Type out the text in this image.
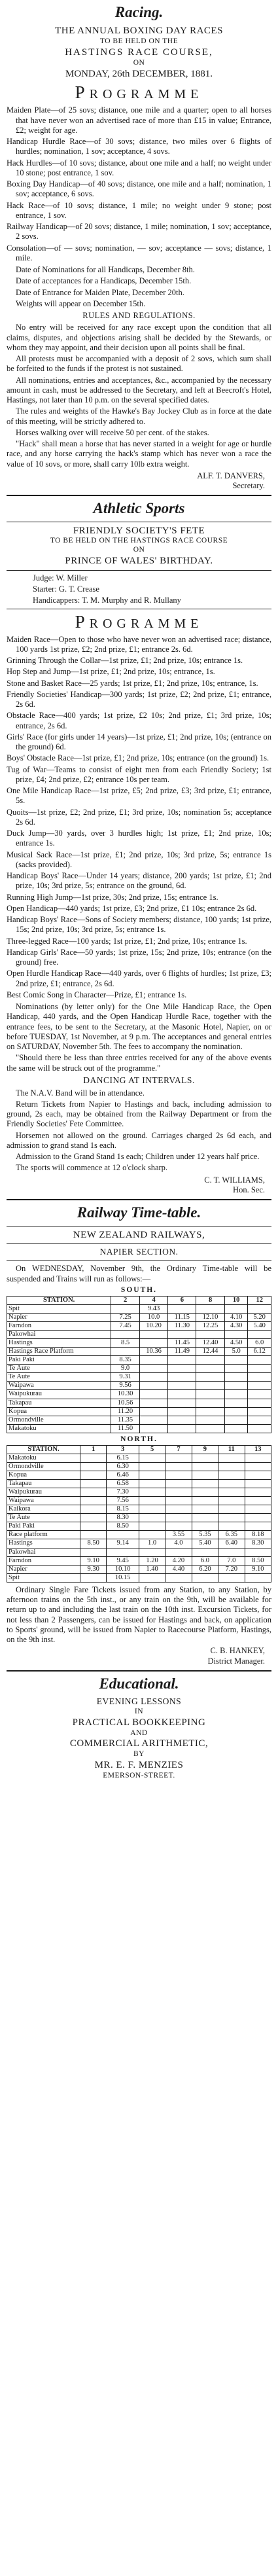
Racing.
THE ANNUAL BOXING DAY RACES
TO BE HELD ON THE
HASTINGS RACE COURSE,
ON
MONDAY, 26th DECEMBER, 1881.
PROGRAMME

Maiden Plate—of 25 sovs; distance, one mile and a quarter; open to all horses that have never won an advertised race of more than £15 in value; Entrance, £2; weight for age.

Handicap Hurdle Race—of 30 sovs; distance, two miles over 6 flights of hurdles; nomination, 1 sov; acceptance, 4 sovs.

Hack Hurdles—of 10 sovs; distance, about one mile and a half; no weight under 10 stone; post entrance, 1 sov.

Boxing Day Handicap—of 40 sovs; distance, one mile and a half; nomination, 1 sov; acceptance, 6 sovs.

Hack Race—of 10 sovs; distance, 1 mile; no weight under 9 stone; post entrance, 1 sov.

Railway Handicap—of 20 sovs; distance, 1 mile; nomination, 1 sov; acceptance, 2 sovs.

Consolation—of — sovs; nomination, — sov; acceptance — sovs; distance, 1 mile.

Date of Nominations for all Handicaps, December 8th.

Date of acceptances for a Handicaps, December 15th.

Date of Entrance for Maiden Plate, December 20th.

Weights will appear on December 15th.

RULES AND REGULATIONS.

No entry will be received for any race except upon the condition that all claims, disputes, and objections arising shall be decided by the Stewards, or whom they may appoint, and their decision upon all points shall be final.

All protests must be accompanied with a deposit of 2 sovs, which sum shall be forfeited to the funds if the protest is not sustained.

All nominations, entries and acceptances, &c., accompanied by the necessary amount in cash, must be addressed to the Secretary, and left at Beecroft's Hotel, Hastings, not later than 10 p.m. on the several specified dates.

The rules and weights of the Hawke's Bay Jockey Club as in force at the date of this meeting, will be strictly adhered to.

Horses walking over will receive 50 per cent. of the stakes.

"Hack" shall mean a horse that has never started in a weight for age or hurdle race, and any horse carrying the hack's stamp which has never won a race the value of 10 sovs, or more, shall carry 10lb extra weight.

ALF. T. DANVERS,
Secretary.
Athletic Sports
FRIENDLY SOCIETY'S FETE
TO BE HELD ON THE HASTINGS RACE COURSE
ON
PRINCE OF WALES' BIRTHDAY.

Judge: W. Miller

Starter: G. T. Crease

Handicappers: T. M. Murphy and R. Mullany

PROGRAMME

Maiden Race—Open to those who have never won an advertised race; distance, 100 yards 1st prize, £2; 2nd prize, £1; entrance 2s. 6d.

Grinning Through the Collar—1st prize, £1; 2nd prize, 10s; entrance 1s.

Hop Step and Jump—1st prize, £1; 2nd prize, 10s; entrance, 1s.

Stone and Basket Race—25 yards; 1st prize, £1; 2nd prize, 10s; entrance, 1s.

Friendly Societies' Handicap—300 yards; 1st prize, £2; 2nd prize, £1; entrance, 2s 6d.

Obstacle Race—400 yards; 1st prize, £2 10s; 2nd prize, £1; 3rd prize, 10s; entrance, 2s 6d.

Girls' Race (for girls under 14 years)—1st prize, £1; 2nd prize, 10s; (entrance on the ground) 6d.

Boys' Obstacle Race—1st prize, £1; 2nd prize, 10s; entrance (on the ground) 1s.

Tug of War—Teams to consist of eight men from each Friendly Society; 1st prize, £4; 2nd prize, £2; entrance 10s per team.

One Mile Handicap Race—1st prize, £5; 2nd prize, £3; 3rd prize, £1; entrance, 5s.

Quoits—1st prize, £2; 2nd prize, £1; 3rd prize, 10s; nomination 5s; acceptance 2s 6d.

Duck Jump—30 yards, over 3 hurdles high; 1st prize, £1; 2nd prize, 10s; entrance 1s.

Musical Sack Race—1st prize, £1; 2nd prize, 10s; 3rd prize, 5s; entrance 1s (sacks provided).

Handicap Boys' Race—Under 14 years; distance, 200 yards; 1st prize, £1; 2nd prize, 10s; 3rd prize, 5s; entrance on the ground, 6d.

Running High Jump—1st prize, 30s; 2nd prize, 15s; entrance 1s.

Open Handicap—440 yards; 1st prize, £3; 2nd prize, £1 10s; entrance 2s 6d.

Handicap Boys' Race—Sons of Society members; distance, 100 yards; 1st prize, 15s; 2nd prize, 10s; 3rd prize, 5s; entrance 1s.

Three-legged Race—100 yards; 1st prize, £1; 2nd prize, 10s; entrance 1s.

Handicap Girls' Race—50 yards; 1st prize, 15s; 2nd prize, 10s; entrance (on the ground) free.

Open Hurdle Handicap Race—440 yards, over 6 flights of hurdles; 1st prize, £3; 2nd prize, £1; entrance, 2s 6d.

Best Comic Song in Character—Prize, £1; entrance 1s.

Nominations (by letter only) for the One Mile Handicap Race, the Open Handicap, 440 yards, and the Open Handicap Hurdle Race, together with the entrance fees, to be sent to the Secretary, at the Masonic Hotel, Napier, on or before TUESDAY, 1st November, at 9 p.m. The acceptances and general entries on SATURDAY, November 5th. The fees to accompany the nomination.

"Should there be less than three entries received for any of the above events the same will be struck out of the programme."

DANCING AT INTERVALS.

The N.A.V. Band will be in attendance.

Return Tickets from Napier to Hastings and back, including admission to ground, 2s each, may be obtained from the Railway Department or from the Friendly Societies' Fete Committee.

Horsemen not allowed on the ground. Carriages charged 2s 6d each, and admission to grand stand 1s each.

Admission to the Grand Stand 1s each; Children under 12 years half price.

The sports will commence at 12 o'clock sharp.

C. T. WILLIAMS,
Hon. Sec.
Railway Time-table.
NEW ZEALAND RAILWAYS,
NAPIER SECTION.

On WEDNESDAY, November 9th, the Ordinary Time-table will be suspended and Trains will run as follows:—

SOUTH.
STATION.	2	4	6	8	10	12
Spit		9.43				
Napier	7.25	10.0	11.15	12.10	4.10	5.20
Farndon	7.45	10.20	11.30	12.25	4.30	5.40
Pakowhai						
Hastings	8.5		11.45	12.40	4.50	6.0
Hastings Race Platform		10.36	11.49	12.44	5.0	6.12
Paki Paki	8.35					
Te Aute	9.0					
Te Aute	9.31					
Waipawa	9.56					
Waipukurau	10.30					
Takapau	10.56					
Kopua	11.20					
Ormondville	11.35					
Makatoku	11.50					
NORTH.
STATION.	1	3	5	7	9	11	13
Makatoku		6.15					
Ormondville		6.30					
Kopua		6.46					
Takapau		6.58					
Waipukurau		7.30					
Waipawa		7.56					
Kaikora		8.15					
Te Aute		8.30					
Paki Paki		8.50					
Race platform				3.55	5.35	6.35	8.18
Hastings	8.50	9.14	1.0	4.0	5.40	6.40	8.30
Pakowhai							
Farndon	9.10	9.45	1.20	4.20	6.0	7.0	8.50
Napier	9.30	10.10	1.40	4.40	6.20	7.20	9.10
Spit		10.15					

Ordinary Single Fare Tickets issued from any Station, to any Station, by afternoon trains on the 5th inst., or any train on the 9th, will be available for return up to and including the last train on the 10th inst. Excursion Tickets, for not less than 2 Passengers, can be issued for Hastings and back, on application to Sports' ground, will be issued from Napier to Racecourse Platform, Hastings, on the 9th inst.

C. B. HANKEY,
District Manager.
Educational.
EVENING LESSONS
IN
PRACTICAL BOOKKEEPING
AND
COMMERCIAL ARITHMETIC,
BY
MR. E. F. MENZIES
EMERSON-STREET.
